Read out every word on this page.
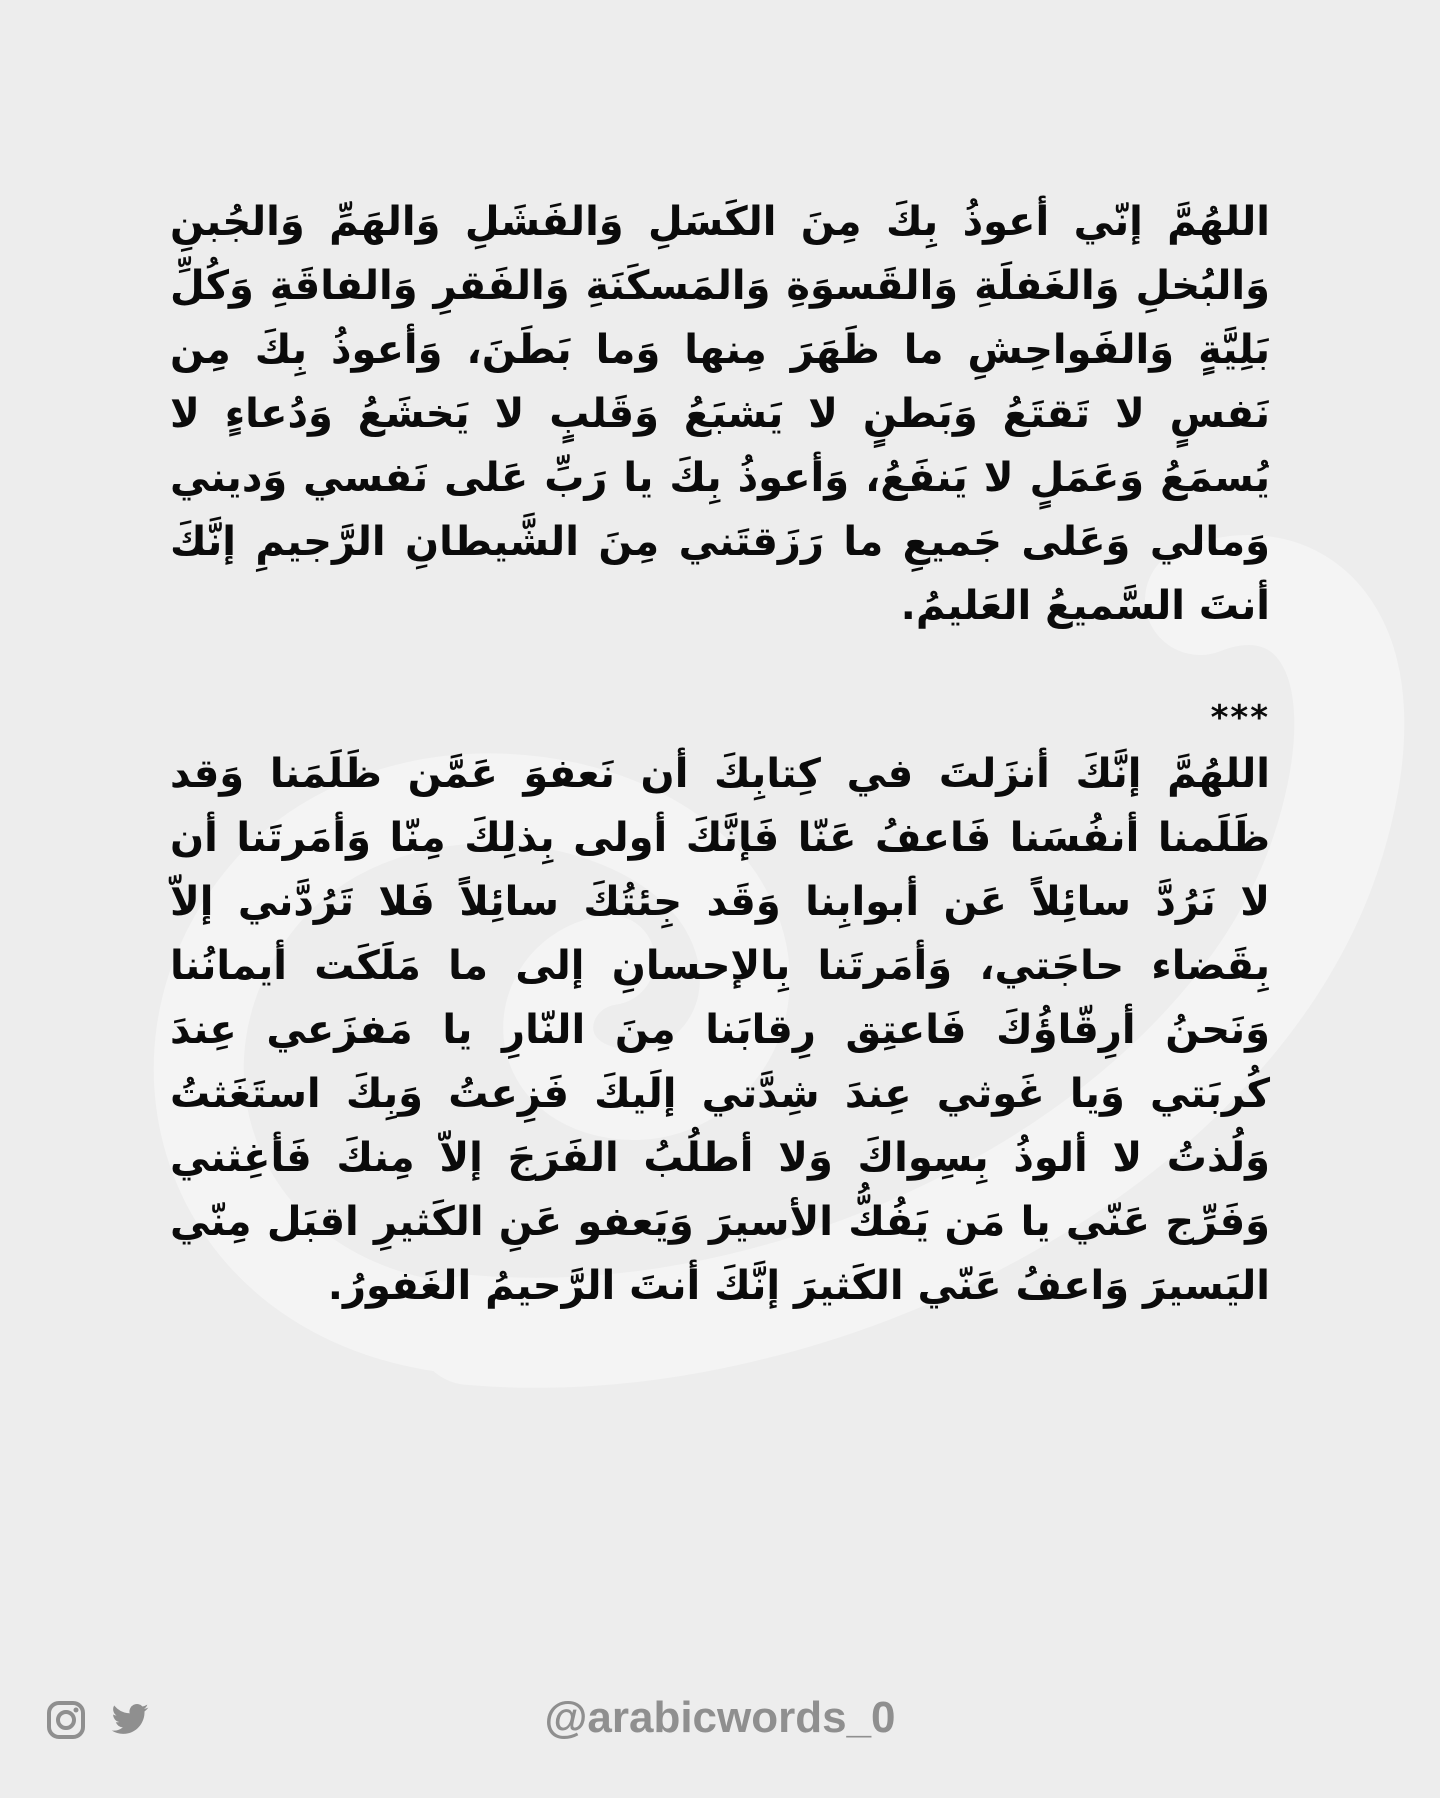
اللهُمَّ إنّي أعوذُ بِكَ مِنَ الكَسَلِ وَالفَشَلِ وَالهَمِّ وَالجُبنِ وَالبُخلِ وَالغَفلَةِ وَالقَسوَةِ وَالمَسكَنَةِ وَالفَقرِ وَالفاقَةِ وَكُلِّ بَلِيَّةٍ وَالفَواحِشِ ما ظَهَرَ مِنها وَما بَطَنَ، وَأعوذُ بِكَ مِن نَفسٍ لا تَقتَعُ وَبَطنٍ لا يَشبَعُ وَقَلبٍ لا يَخشَعُ وَدُعاءٍ لا يُسمَعُ وَعَمَلٍ لا يَنفَعُ، وَأعوذُ بِكَ يا رَبِّ عَلى نَفسي وَديني وَمالي وَعَلى جَميعِ ما رَزَقتَني مِنَ الشَّيطانِ الرَّجيمِ إنَّكَ أنتَ السَّميعُ العَليمُ.

***

اللهُمَّ إنَّكَ أنزَلتَ في كِتابِكَ أن نَعفوَ عَمَّن ظَلَمَنا وَقد ظَلَمنا أنفُسَنا فَاعفُ عَنّا فَإنَّكَ أولى بِذلِكَ مِنّا وَأمَرتَنا أن لا نَرُدَّ سائِلاً عَن أبوابِنا وَقَد جِئتُكَ سائِلاً فَلا تَرُدَّني إلاّ بِقَضاء حاجَتي، وَأمَرتَنا بِالإحسانِ إلى ما مَلَكَت أيمانُنا وَنَحنُ أرِقّاؤُكَ فَاعتِق رِقابَنا مِنَ النّارِ يا مَفزَعي عِندَ كُربَتي وَيا غَوثي عِندَ شِدَّتي إلَيكَ فَزِعتُ وَبِكَ استَغَثتُ وَلُذتُ لا ألوذُ بِسِواكَ وَلا أطلُبُ الفَرَجَ إلاّ مِنكَ فَأغِثني وَفَرِّج عَنّي يا مَن يَفُكُّ الأسيرَ وَيَعفو عَنِ الكَثيرِ اقبَل مِنّي اليَسيرَ وَاعفُ عَنّي الكَثيرَ إنَّكَ أنتَ الرَّحيمُ الغَفورُ.

@arabicwords_0
